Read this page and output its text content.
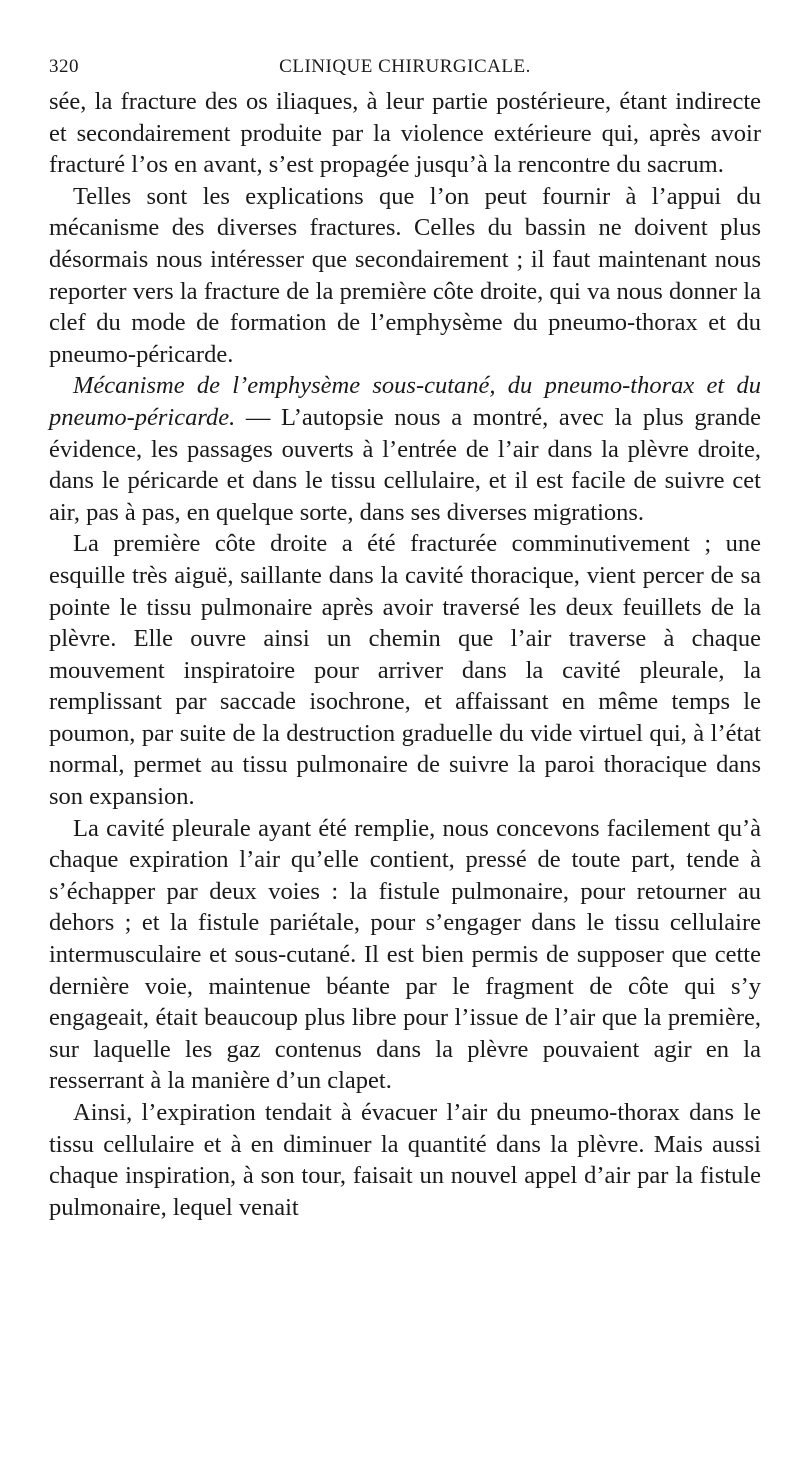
320	CLINIQUE CHIRURGICALE.

sée, la fracture des os iliaques, à leur partie postérieure, étant indirecte et secondairement produite par la violence extérieure qui, après avoir fracturé l’os en avant, s’est propagée jusqu’à la rencontre du sacrum.

Telles sont les explications que l’on peut fournir à l’appui du mécanisme des diverses fractures. Celles du bassin ne doivent plus désormais nous intéresser que secondairement ; il faut maintenant nous reporter vers la fracture de la première côte droite, qui va nous donner la clef du mode de formation de l’emphysème du pneumo-thorax et du pneumo-péricarde.

Mécanisme de l’emphysème sous-cutané, du pneumo-thorax et du pneumo-péricarde. — L’autopsie nous a montré, avec la plus grande évidence, les passages ouverts à l’entrée de l’air dans la plèvre droite, dans le péricarde et dans le tissu cellulaire, et il est facile de suivre cet air, pas à pas, en quelque sorte, dans ses diverses migrations.

La première côte droite a été fracturée comminutivement ; une esquille très aiguë, saillante dans la cavité thoracique, vient percer de sa pointe le tissu pulmonaire après avoir traversé les deux feuillets de la plèvre. Elle ouvre ainsi un chemin que l’air traverse à chaque mouvement inspiratoire pour arriver dans la cavité pleurale, la remplissant par saccade isochrone, et affaissant en même temps le poumon, par suite de la destruction graduelle du vide virtuel qui, à l’état normal, permet au tissu pulmonaire de suivre la paroi thoracique dans son expansion.

La cavité pleurale ayant été remplie, nous concevons facilement qu’à chaque expiration l’air qu’elle contient, pressé de toute part, tende à s’échapper par deux voies : la fistule pulmonaire, pour retourner au dehors ; et la fistule pariétale, pour s’engager dans le tissu cellulaire intermusculaire et sous-cutané. Il est bien permis de supposer que cette dernière voie, maintenue béante par le fragment de côte qui s’y engageait, était beaucoup plus libre pour l’issue de l’air que la première, sur laquelle les gaz contenus dans la plèvre pouvaient agir en la resserrant à la manière d’un clapet.

Ainsi, l’expiration tendait à évacuer l’air du pneumo-thorax dans le tissu cellulaire et à en diminuer la quantité dans la plèvre. Mais aussi chaque inspiration, à son tour, faisait un nouvel appel d’air par la fistule pulmonaire, lequel venait
